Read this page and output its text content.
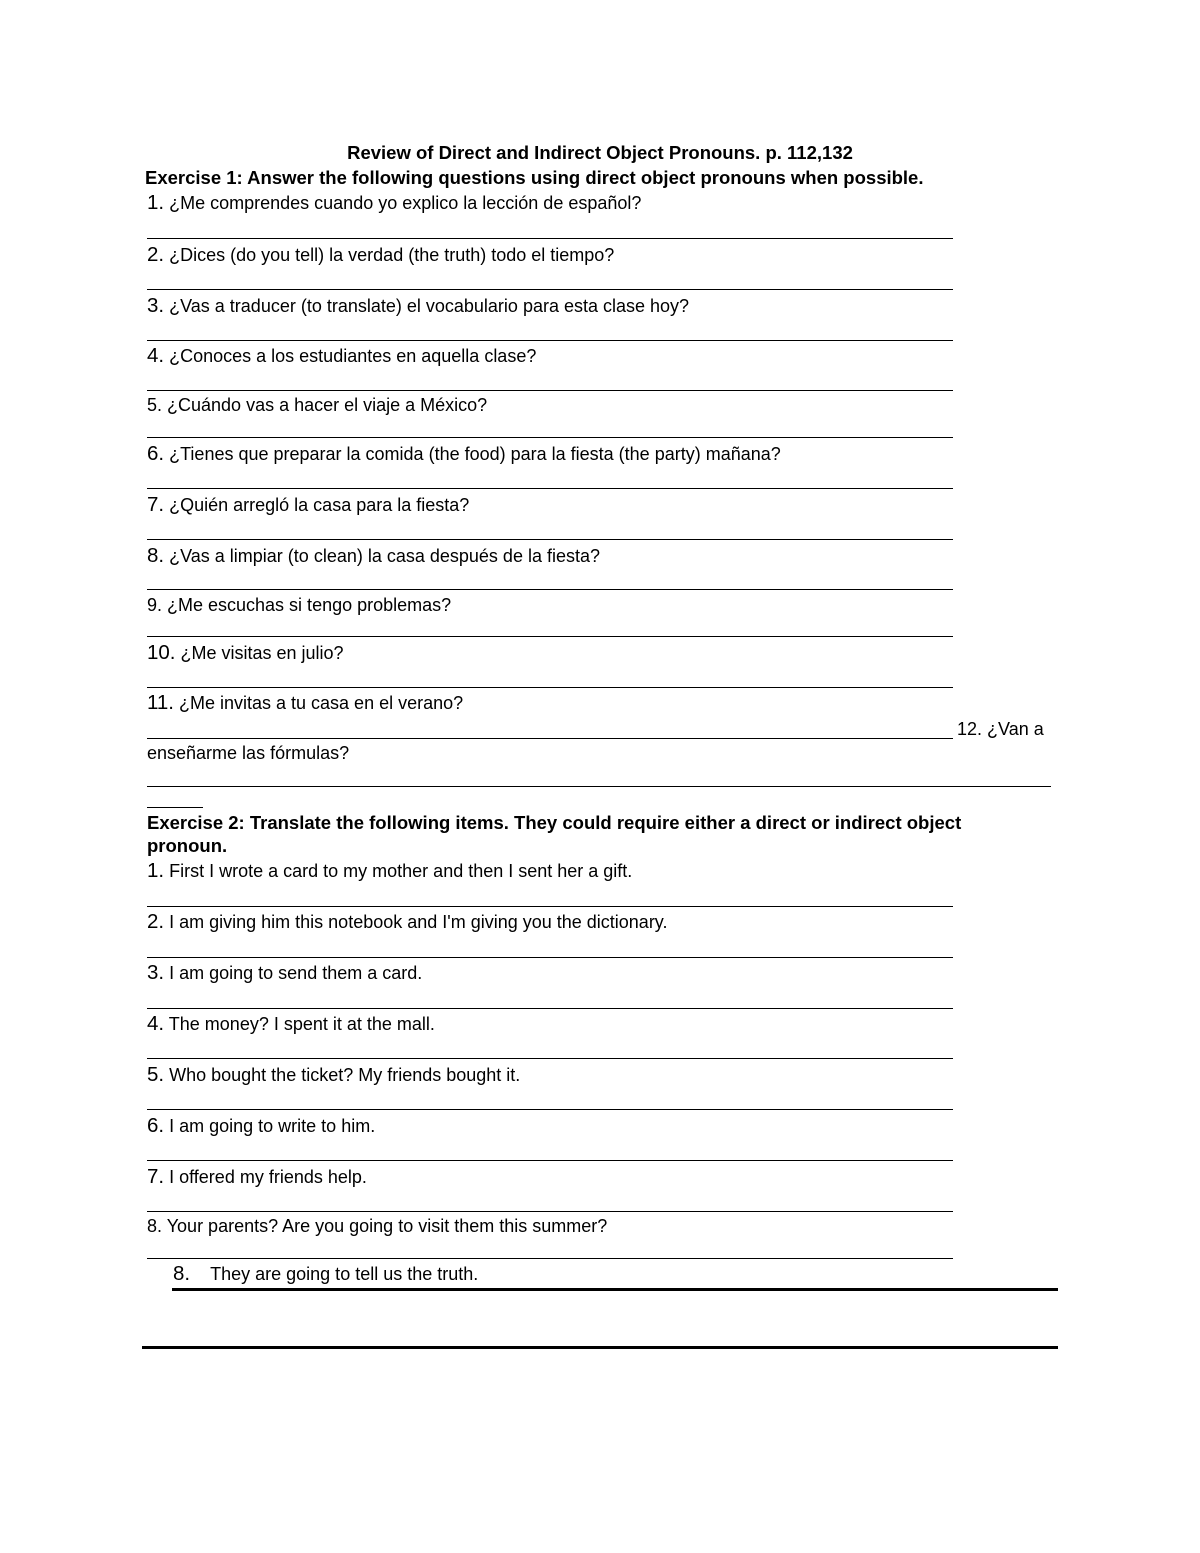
Review of Direct and Indirect Object Pronouns. p. 112,132
Exercise 1: Answer the following questions using direct object pronouns when possible.
1. ¿Me comprendes cuando yo explico la lección de español?
2. ¿Dices (do you tell) la verdad (the truth) todo el tiempo?
3. ¿Vas a traducer (to translate) el vocabulario para esta clase hoy?
4. ¿Conoces a los estudiantes en aquella clase?
5. ¿Cuándo vas a hacer el viaje a México?
6. ¿Tienes que preparar la comida (the food) para la fiesta (the party) mañana?
7. ¿Quién arregló la casa para la fiesta?
8. ¿Vas a limpiar (to clean) la casa después de la fiesta?
9. ¿Me escuchas si tengo problemas?
10. ¿Me visitas en julio?
11. ¿Me invitas a tu casa en el verano?
12. ¿Van a
enseñarme las fórmulas?
Exercise 2: Translate the following items. They could require either a direct or indirect object pronoun.
1. First I wrote a card to my mother and then I sent her a gift.
2. I am giving him this notebook and I'm giving you the dictionary.
3. I am going to send them a card.
4. The money? I spent it at the mall.
5. Who bought the ticket? My friends bought it.
6. I am going to write to him.
7. I offered my friends help.
8. Your parents? Are you going to visit them this summer?
8. They are going to tell us the truth.
